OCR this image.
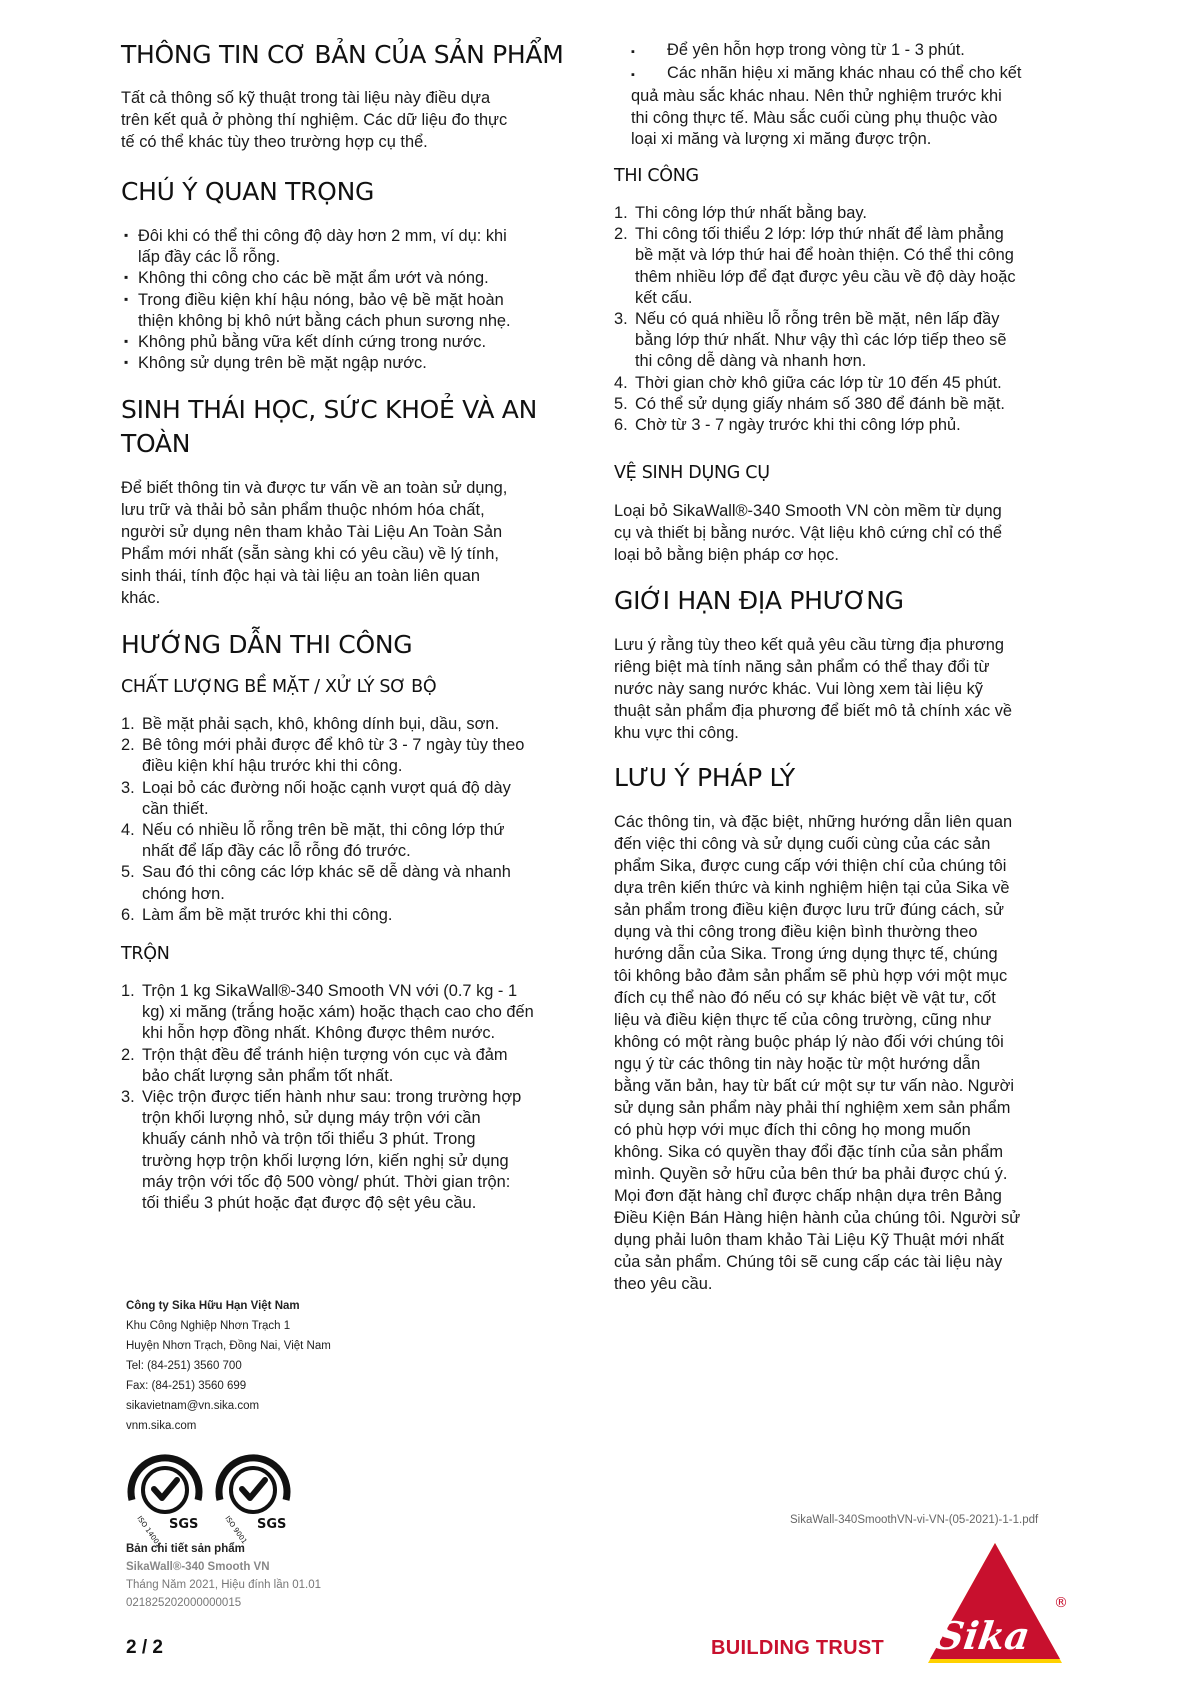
THÔNG TIN CƠ BẢN CỦA SẢN PHẨM

Tất cả thông số kỹ thuật trong tài liệu này điều dựa

trên kết quả ở phòng thí nghiệm. Các dữ liệu đo thực

tế có thể khác tùy theo trường hợp cụ thể.

CHÚ Ý QUAN TRỌNG
▪ Đôi khi có thể thi công độ dày hơn 2 mm, ví dụ: khi
lấp đầy các lỗ rỗng.
▪ Không thi công cho các bề mặt ẩm ướt và nóng.
▪ Trong điều kiện khí hậu nóng, bảo vệ bề mặt hoàn
thiện không bị khô nứt bằng cách phun sương nhẹ.
▪ Không phủ bằng vữa kết dính cứng trong nước.
▪ Không sử dụng trên bề mặt ngập nước.
SINH THÁI HỌC, SỨC KHOẺ VÀ AN
TOÀN

Để biết thông tin và được tư vấn về an toàn sử dụng,

lưu trữ và thải bỏ sản phẩm thuộc nhóm hóa chất,

người sử dụng nên tham khảo Tài Liệu An Toàn Sản

Phẩm mới nhất (sẵn sàng khi có yêu cầu) về lý tính,

sinh thái, tính độc hại và tài liệu an toàn liên quan

khác.

HƯỚNG DẪN THI CÔNG
CHẤT LƯỢNG BỀ MẶT / XỬ LÝ SƠ BỘ
1. Bề mặt phải sạch, khô, không dính bụi, dầu, sơn.
2. Bê tông mới phải được để khô từ 3 - 7 ngày tùy theo
điều kiện khí hậu trước khi thi công.
3. Loại bỏ các đường nối hoặc cạnh vượt quá độ dày
cần thiết.
4. Nếu có nhiều lỗ rỗng trên bề mặt, thi công lớp thứ
nhất để lấp đầy các lỗ rỗng đó trước.
5. Sau đó thi công các lớp khác sẽ dễ dàng và nhanh
chóng hơn.
6. Làm ẩm bề mặt trước khi thi công.
TRỘN
1. Trộn 1 kg SikaWall®-340 Smooth VN với (0.7 kg - 1
kg) xi măng (trắng hoặc xám) hoặc thạch cao cho đến
khi hỗn hợp đồng nhất. Không được thêm nước.
2. Trộn thật đều để tránh hiện tượng vón cục và đảm
bảo chất lượng sản phẩm tốt nhất.
3. Việc trộn được tiến hành như sau: trong trường hợp
trộn khối lượng nhỏ, sử dụng máy trộn với cần
khuấy cánh nhỏ và trộn tối thiểu 3 phút. Trong
trường hợp trộn khối lượng lớn, kiến nghị sử dụng
máy trộn với tốc độ 500 vòng/ phút. Thời gian trộn:
tối thiểu 3 phút hoặc đạt được độ sệt yêu cầu.
▪ Để yên hỗn hợp trong vòng từ 1 - 3 phút.
▪ Các nhãn hiệu xi măng khác nhau có thể cho kết
quả màu sắc khác nhau. Nên thử nghiệm trước khi
thi công thực tế. Màu sắc cuối cùng phụ thuộc vào
loại xi măng và lượng xi măng được trộn.
THI CÔNG
1. Thi công lớp thứ nhất bằng bay.
2. Thi công tối thiểu 2 lớp: lớp thứ nhất để làm phẳng
bề mặt và lớp thứ hai để hoàn thiện. Có thể thi công
thêm nhiều lớp để đạt được yêu cầu về độ dày hoặc
kết cấu.
3. Nếu có quá nhiều lỗ rỗng trên bề mặt, nên lấp đầy
bằng lớp thứ nhất. Như vậy thì các lớp tiếp theo sẽ
thi công dễ dàng và nhanh hơn.
4. Thời gian chờ khô giữa các lớp từ 10 đến 45 phút.
5. Có thể sử dụng giấy nhám số 380 để đánh bề mặt.
6. Chờ từ 3 - 7 ngày trước khi thi công lớp phủ.
VỆ SINH DỤNG CỤ

Loại bỏ SikaWall®-340 Smooth VN còn mềm từ dụng

cụ và thiết bị bằng nước. Vật liệu khô cứng chỉ có thể

loại bỏ bằng biện pháp cơ học.

GIỚI HẠN ĐỊA PHƯƠNG

Lưu ý rằng tùy theo kết quả yêu cầu từng địa phương

riêng biệt mà tính năng sản phẩm có thể thay đổi từ

nước này sang nước khác. Vui lòng xem tài liệu kỹ

thuật sản phẩm địa phương để biết mô tả chính xác về

khu vực thi công.

LƯU Ý PHÁP LÝ

Các thông tin, và đặc biệt, những hướng dẫn liên quan

đến việc thi công và sử dụng cuối cùng của các sản

phẩm Sika, được cung cấp với thiện chí của chúng tôi

dựa trên kiến thức và kinh nghiệm hiện tại của Sika về

sản phẩm trong điều kiện được lưu trữ đúng cách, sử

dụng và thi công trong điều kiện bình thường theo

hướng dẫn của Sika. Trong ứng dụng thực tế, chúng

tôi không bảo đảm sản phẩm sẽ phù hợp với một mục

đích cụ thể nào đó nếu có sự khác biệt về vật tư, cốt

liệu và điều kiện thực tế của công trường, cũng như

không có một ràng buộc pháp lý nào đối với chúng tôi

ngụ ý từ các thông tin này hoặc từ một hướng dẫn

bằng văn bản, hay từ bất cứ một sự tư vấn nào. Người

sử dụng sản phẩm này phải thí nghiệm xem sản phẩm

có phù hợp với mục đích thi công họ mong muốn

không. Sika có quyền thay đổi đặc tính của sản phẩm

mình. Quyền sở hữu của bên thứ ba phải được chú ý.

Mọi đơn đặt hàng chỉ được chấp nhận dựa trên Bảng

Điều Kiện Bán Hàng hiện hành của chúng tôi. Người sử

dụng phải luôn tham khảo Tài Liệu Kỹ Thuật mới nhất

của sản phẩm. Chúng tôi sẽ cung cấp các tài liệu này

theo yêu cầu.

Công ty Sika Hữu Hạn Việt Nam
Khu Công Nghiệp Nhơn Trạch 1
Huyện Nhơn Trạch, Đồng Nai, Việt Nam
Tel: (84-251) 3560 700
Fax: (84-251) 3560 699
sikavietnam@vn.sika.com
vnm.sika.com
ISO 14001 SGS	ISO 9001 SGS
Bản chi tiết sản phẩm
SikaWall®-340 Smooth VN
Tháng Năm 2021, Hiệu đính lần 01.01
021825202000000015
2 / 2
SikaWall-340SmoothVN-vi-VN-(05-2021)-1-1.pdf
BUILDING TRUST Sika
®
